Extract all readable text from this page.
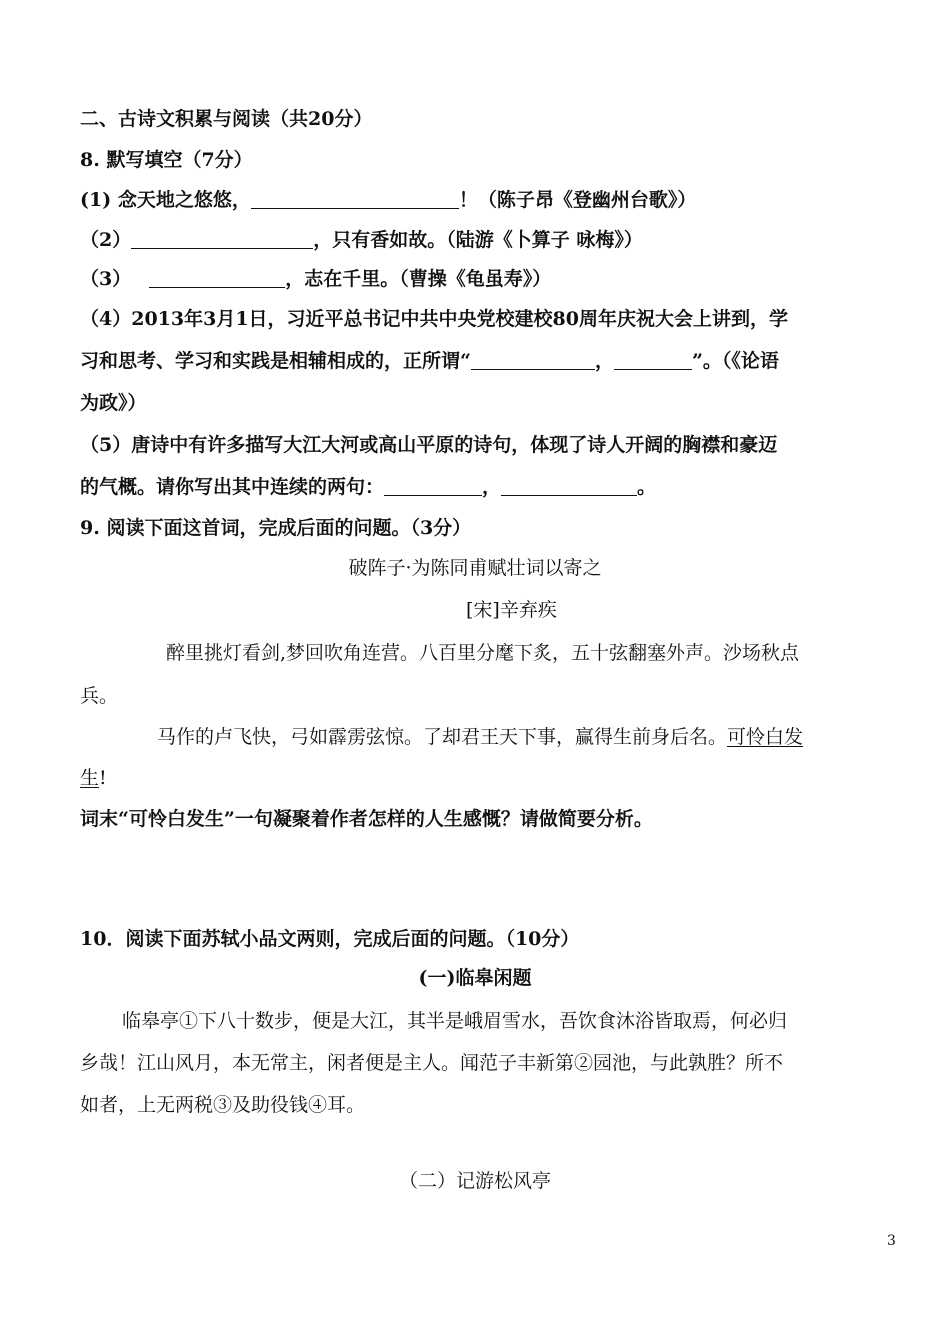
二、古诗文积累与阅读（共20分）
8. 默写填空（7分）
(1) 念天地之悠悠，	！（陈子昂《登幽州台歌》）
（2）	，只有香如故。（陆游《卜算子 咏梅》）
（3）	，志在千里。（曹操《龟虽寿》）
（4）2013年3月1日，习近平总书记中共中央党校建校80周年庆祝大会上讲到，学
习和思考、学习和实践是相辅相成的，正所谓“	，	”。（《论语
为政》）
（5）唐诗中有许多描写大江大河或高山平原的诗句，体现了诗人开阔的胸襟和豪迈
的气概。请你写出其中连续的两句：	，	。
9. 阅读下面这首词，完成后面的问题。（3分）
破阵子·为陈同甫赋壮词以寄之
[宋]辛弃疾
醉里挑灯看剑,梦回吹角连营。八百里分麾下炙，五十弦翻塞外声。沙场秋点
兵。
马作的卢飞快，弓如霹雳弦惊。了却君王天下事，赢得生前身后名。可怜白发
生!
词末“可怜白发生”一句凝聚着作者怎样的人生感慨？请做简要分析。
10．阅读下面苏轼小品文两则，完成后面的问题。（10分）
(一)临皋闲题
临皋亭①下八十数步，便是大江，其半是峨眉雪水，吾饮食沐浴皆取焉，何必归
乡哉！江山风月，本无常主，闲者便是主人。闻范子丰新第②园池，与此孰胜？所不
如者，上无两税③及助役钱④耳。
（二）记游松风亭
3
